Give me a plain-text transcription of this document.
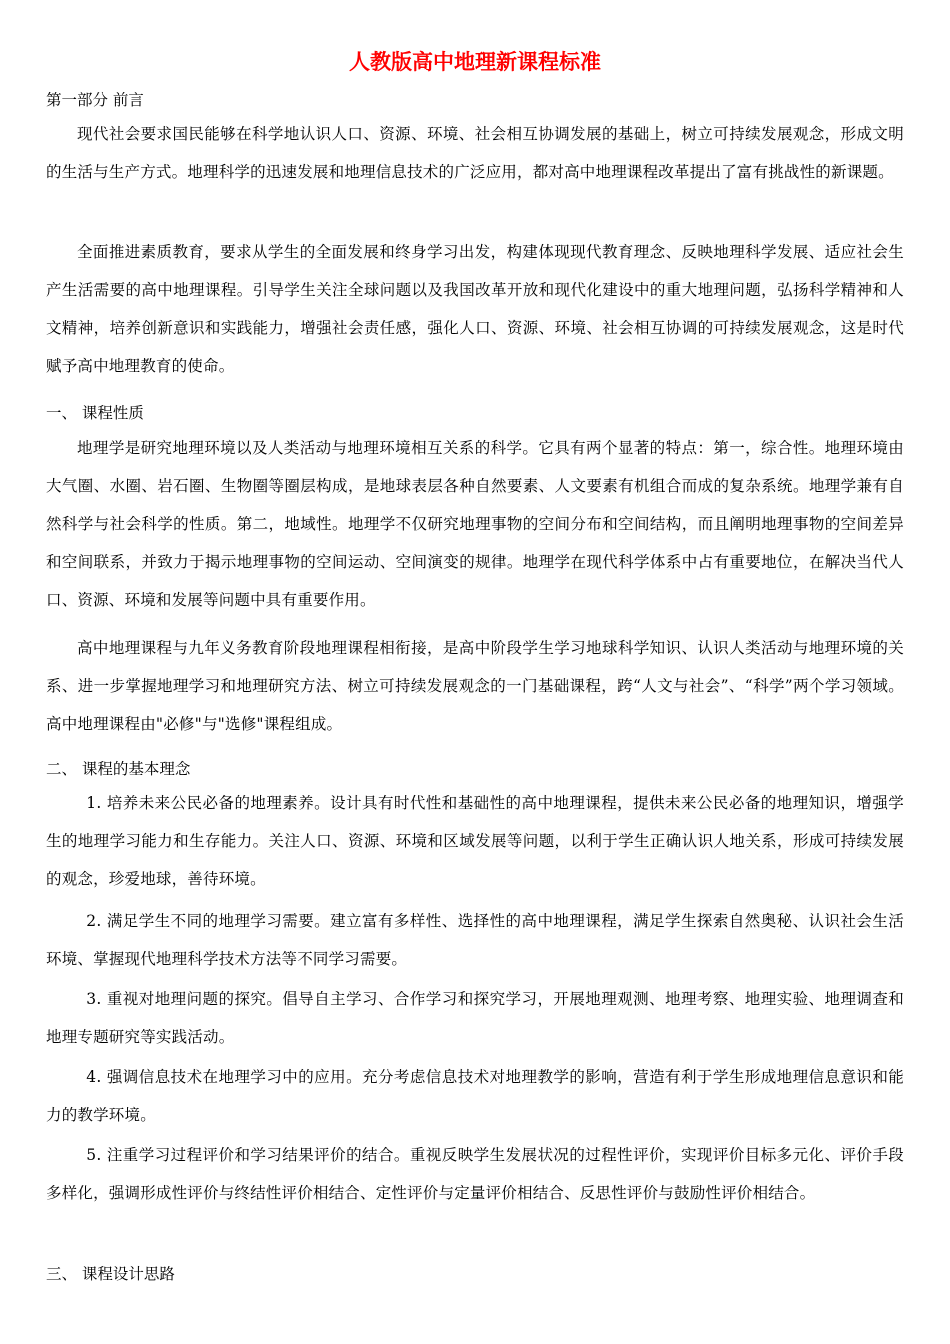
人教版高中地理新课程标准
第一部分 前言
现代社会要求国民能够在科学地认识人口、资源、环境、社会相互协调发展的基础上，树立可持续发展观念，形成文明的生活与生产方式。地理科学的迅速发展和地理信息技术的广泛应用，都对高中地理课程改革提出了富有挑战性的新课题。
全面推进素质教育，要求从学生的全面发展和终身学习出发，构建体现现代教育理念、反映地理科学发展、适应社会生产生活需要的高中地理课程。引导学生关注全球问题以及我国改革开放和现代化建设中的重大地理问题，弘扬科学精神和人文精神，培养创新意识和实践能力，增强社会责任感，强化人口、资源、环境、社会相互协调的可持续发展观念，这是时代赋予高中地理教育的使命。
一、 课程性质
地理学是研究地理环境以及人类活动与地理环境相互关系的科学。它具有两个显著的特点：第一，综合性。地理环境由大气圈、水圈、岩石圈、生物圈等圈层构成，是地球表层各种自然要素、人文要素有机组合而成的复杂系统。地理学兼有自然科学与社会科学的性质。第二，地域性。地理学不仅研究地理事物的空间分布和空间结构，而且阐明地理事物的空间差异和空间联系，并致力于揭示地理事物的空间运动、空间演变的规律。地理学在现代科学体系中占有重要地位，在解决当代人口、资源、环境和发展等问题中具有重要作用。
高中地理课程与九年义务教育阶段地理课程相衔接，是高中阶段学生学习地球科学知识、认识人类活动与地理环境的关系、进一步掌握地理学习和地理研究方法、树立可持续发展观念的一门基础课程，跨“人文与社会”、“科学”两个学习领域。高中地理课程由"必修"与"选修"课程组成。
二、 课程的基本理念
1. 培养未来公民必备的地理素养。设计具有时代性和基础性的高中地理课程，提供未来公民必备的地理知识，增强学生的地理学习能力和生存能力。关注人口、资源、环境和区域发展等问题，以利于学生正确认识人地关系，形成可持续发展的观念，珍爱地球，善待环境。
2. 满足学生不同的地理学习需要。建立富有多样性、选择性的高中地理课程，满足学生探索自然奥秘、认识社会生活环境、掌握现代地理科学技术方法等不同学习需要。
3. 重视对地理问题的探究。倡导自主学习、合作学习和探究学习，开展地理观测、地理考察、地理实验、地理调查和地理专题研究等实践活动。
4. 强调信息技术在地理学习中的应用。充分考虑信息技术对地理教学的影响，营造有利于学生形成地理信息意识和能力的教学环境。
5. 注重学习过程评价和学习结果评价的结合。重视反映学生发展状况的过程性评价，实现评价目标多元化、评价手段多样化，强调形成性评价与终结性评价相结合、定性评价与定量评价相结合、反思性评价与鼓励性评价相结合。
三、 课程设计思路
